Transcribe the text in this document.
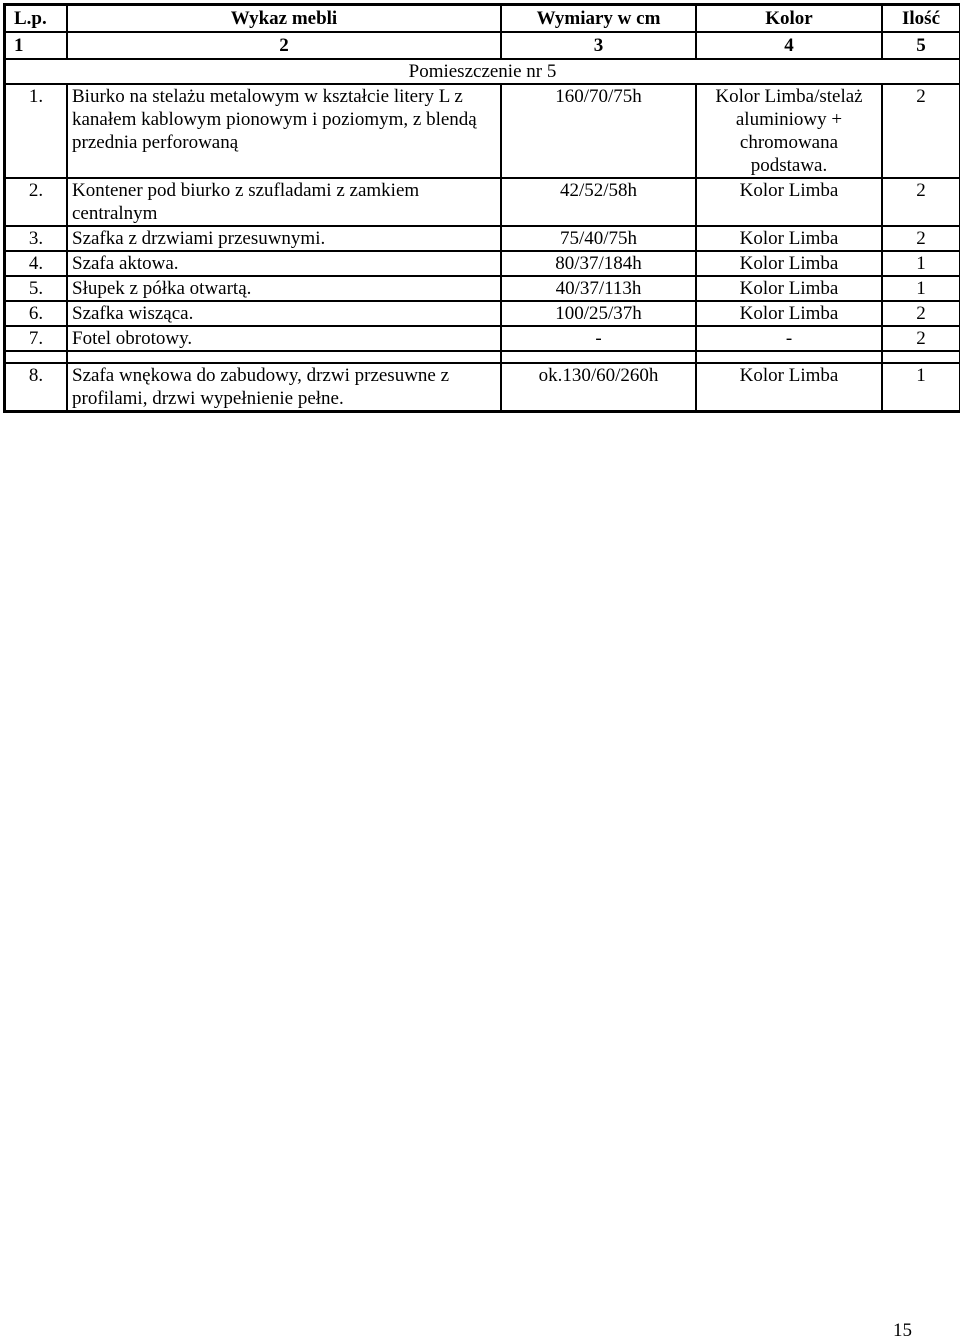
L.p.	Wykaz mebli	Wymiary w cm	Kolor	Ilość
1	2	3	4	5
Pomieszczenie nr 5				
1.	Biurko na stelażu metalowym w kształcie litery L z kanałem kablowym pionowym i poziomym, z blendą przednia perforowaną	160/70/75h	Kolor Limba/stelaż aluminiowy + chromowana podstawa.	2
2.	Kontener pod biurko z szufladami z zamkiem centralnym	42/52/58h	Kolor Limba	2
3.	Szafka z drzwiami przesuwnymi.	75/40/75h	Kolor Limba	2
4.	Szafa aktowa.	80/37/184h	Kolor Limba	1
5.	Słupek z półka otwartą.	40/37/113h	Kolor Limba	1
6.	Szafka wisząca.	100/25/37h	Kolor Limba	2
7.	Fotel obrotowy.	-	-	2

8.	Szafa wnękowa do zabudowy, drzwi przesuwne z profilami, drzwi wypełnienie pełne.	ok.130/60/260h	Kolor Limba	1
15
